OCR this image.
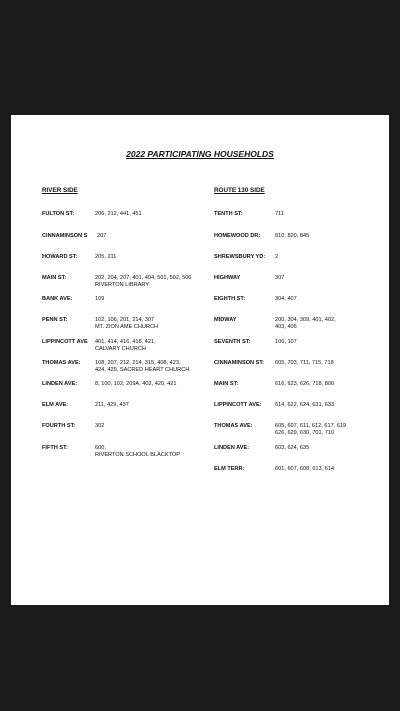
2022 PARTICIPATING HOUSEHOLDS
RIVER SIDE	ROUTE 130 SIDE
FULTON ST:	206, 212, 441, 451
CINNAMINSON S 207
HOWARD ST:	205, 211
MAIN ST:	202, 204, 207, 401, 404, 501, 502, 506
RIVERTON LIBRARY
BANK AVE:	109
PENN ST:	102, 106, 201, 214, 307
MT. ZION AME CHURCH
LIPPINCOTT AVE 401, 414, 416, 418, 421,
CALVARY CHURCH
THOMAS AVE:	108, 207, 212, 214, 315, 408, 423,
424, 429, SACRED HEART CHURCH
LINDEN AVE:	8, 100, 102, 209A, 402, 420, 421
ELM AVE:	211, 429, 437
FOURTH ST:	302
FIFTH ST:	600,
RIVERTON SCHOOL BLACKTOP
TENTH ST:	711
HOMEWOOD DR:	810, 820, 845
SHREWSBURY YD: 2
HIGHWAY	307
EIGHTH ST:	304, 407
MIDWAY	200, 304, 309, 401, 402,
403, 406
SEVENTH ST:	106, 107
CINNAMINSON ST: 605, 703, 711, 715, 718
MAIN ST:	616, 623, 626, 718, 800
LIPPINCOTT AVE: 614, 622, 624, 631, 633
THOMAS AVE:	605, 607, 611, 612, 617, 619
626, 629, 630, 701, 710
LINDEN AVE:	603, 624, 635
ELM TERR:	601, 607, 608, 613, 614
